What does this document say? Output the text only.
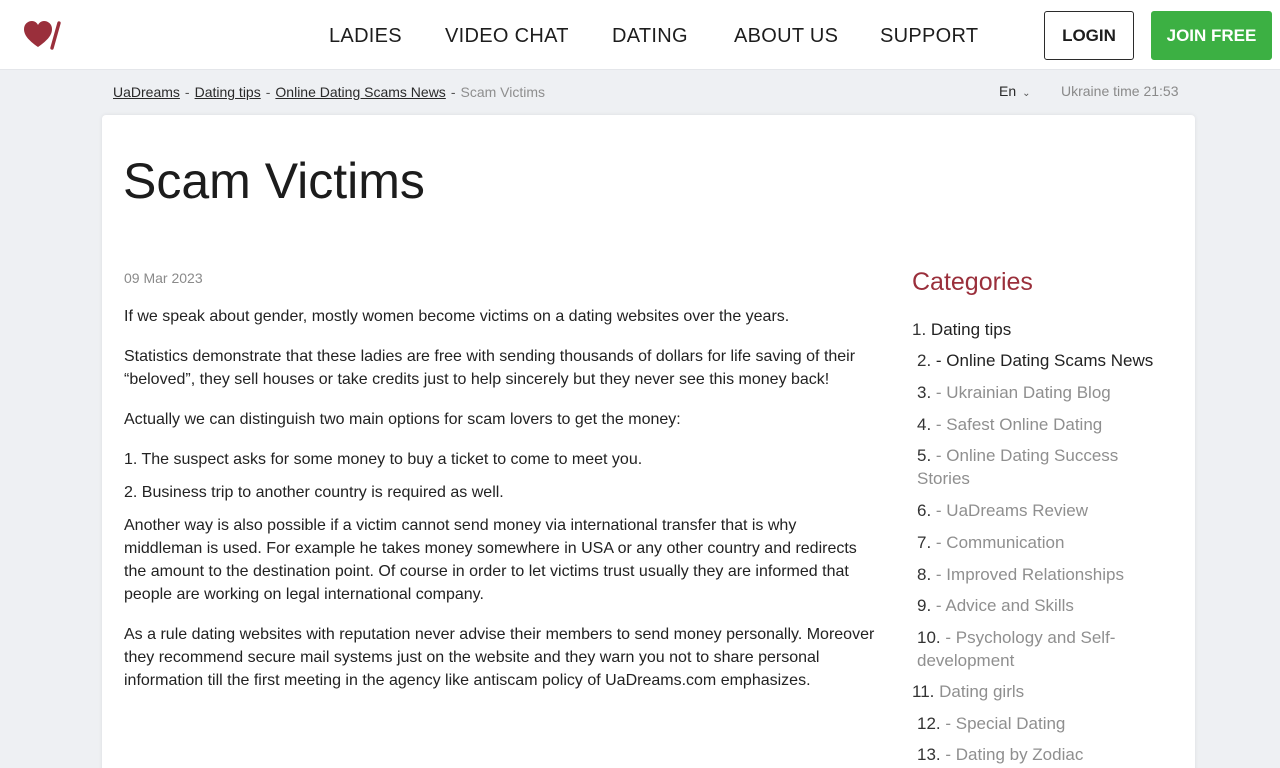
LADIES VIDEO CHAT DATING ABOUT US SUPPORT	LOGIN	JOIN FREE
UaDreams - Dating tips - Online Dating Scams News - Scam Victims	En ⌄ Ukraine time 21:53
Scam Victims
09 Mar 2023

If we speak about gender, mostly women become victims on a dating websites over the years.

Statistics demonstrate that these ladies are free with sending thousands of dollars for life saving of their “beloved”, they sell houses or take credits just to help sincerely but they never see this money back!

Actually we can distinguish two main options for scam lovers to get the money:

1. The suspect asks for some money to buy a ticket to come to meet you.
2. Business trip to another country is required as well.

Another way is also possible if a victim cannot send money via international transfer that is why middleman is used. For example he takes money somewhere in USA or any other country and redirects the amount to the destination point. Of course in order to let victims trust usually they are informed that people are working on legal international company.

As a rule dating websites with reputation never advise their members to send money personally. Moreover they recommend secure mail systems just on the website and they warn you not to share personal information till the first meeting in the agency like antiscam policy of UaDreams.com emphasizes.

Categories
1. Dating tips
2. - Online Dating Scams News
3. - Ukrainian Dating Blog
4. - Safest Online Dating
5. - Online Dating Success Stories
6. - UaDreams Review
7. - Communication
8. - Improved Relationships
9. - Advice and Skills
10. - Psychology and Self-development
11. Dating girls
12. - Special Dating
13. - Dating by Zodiac
